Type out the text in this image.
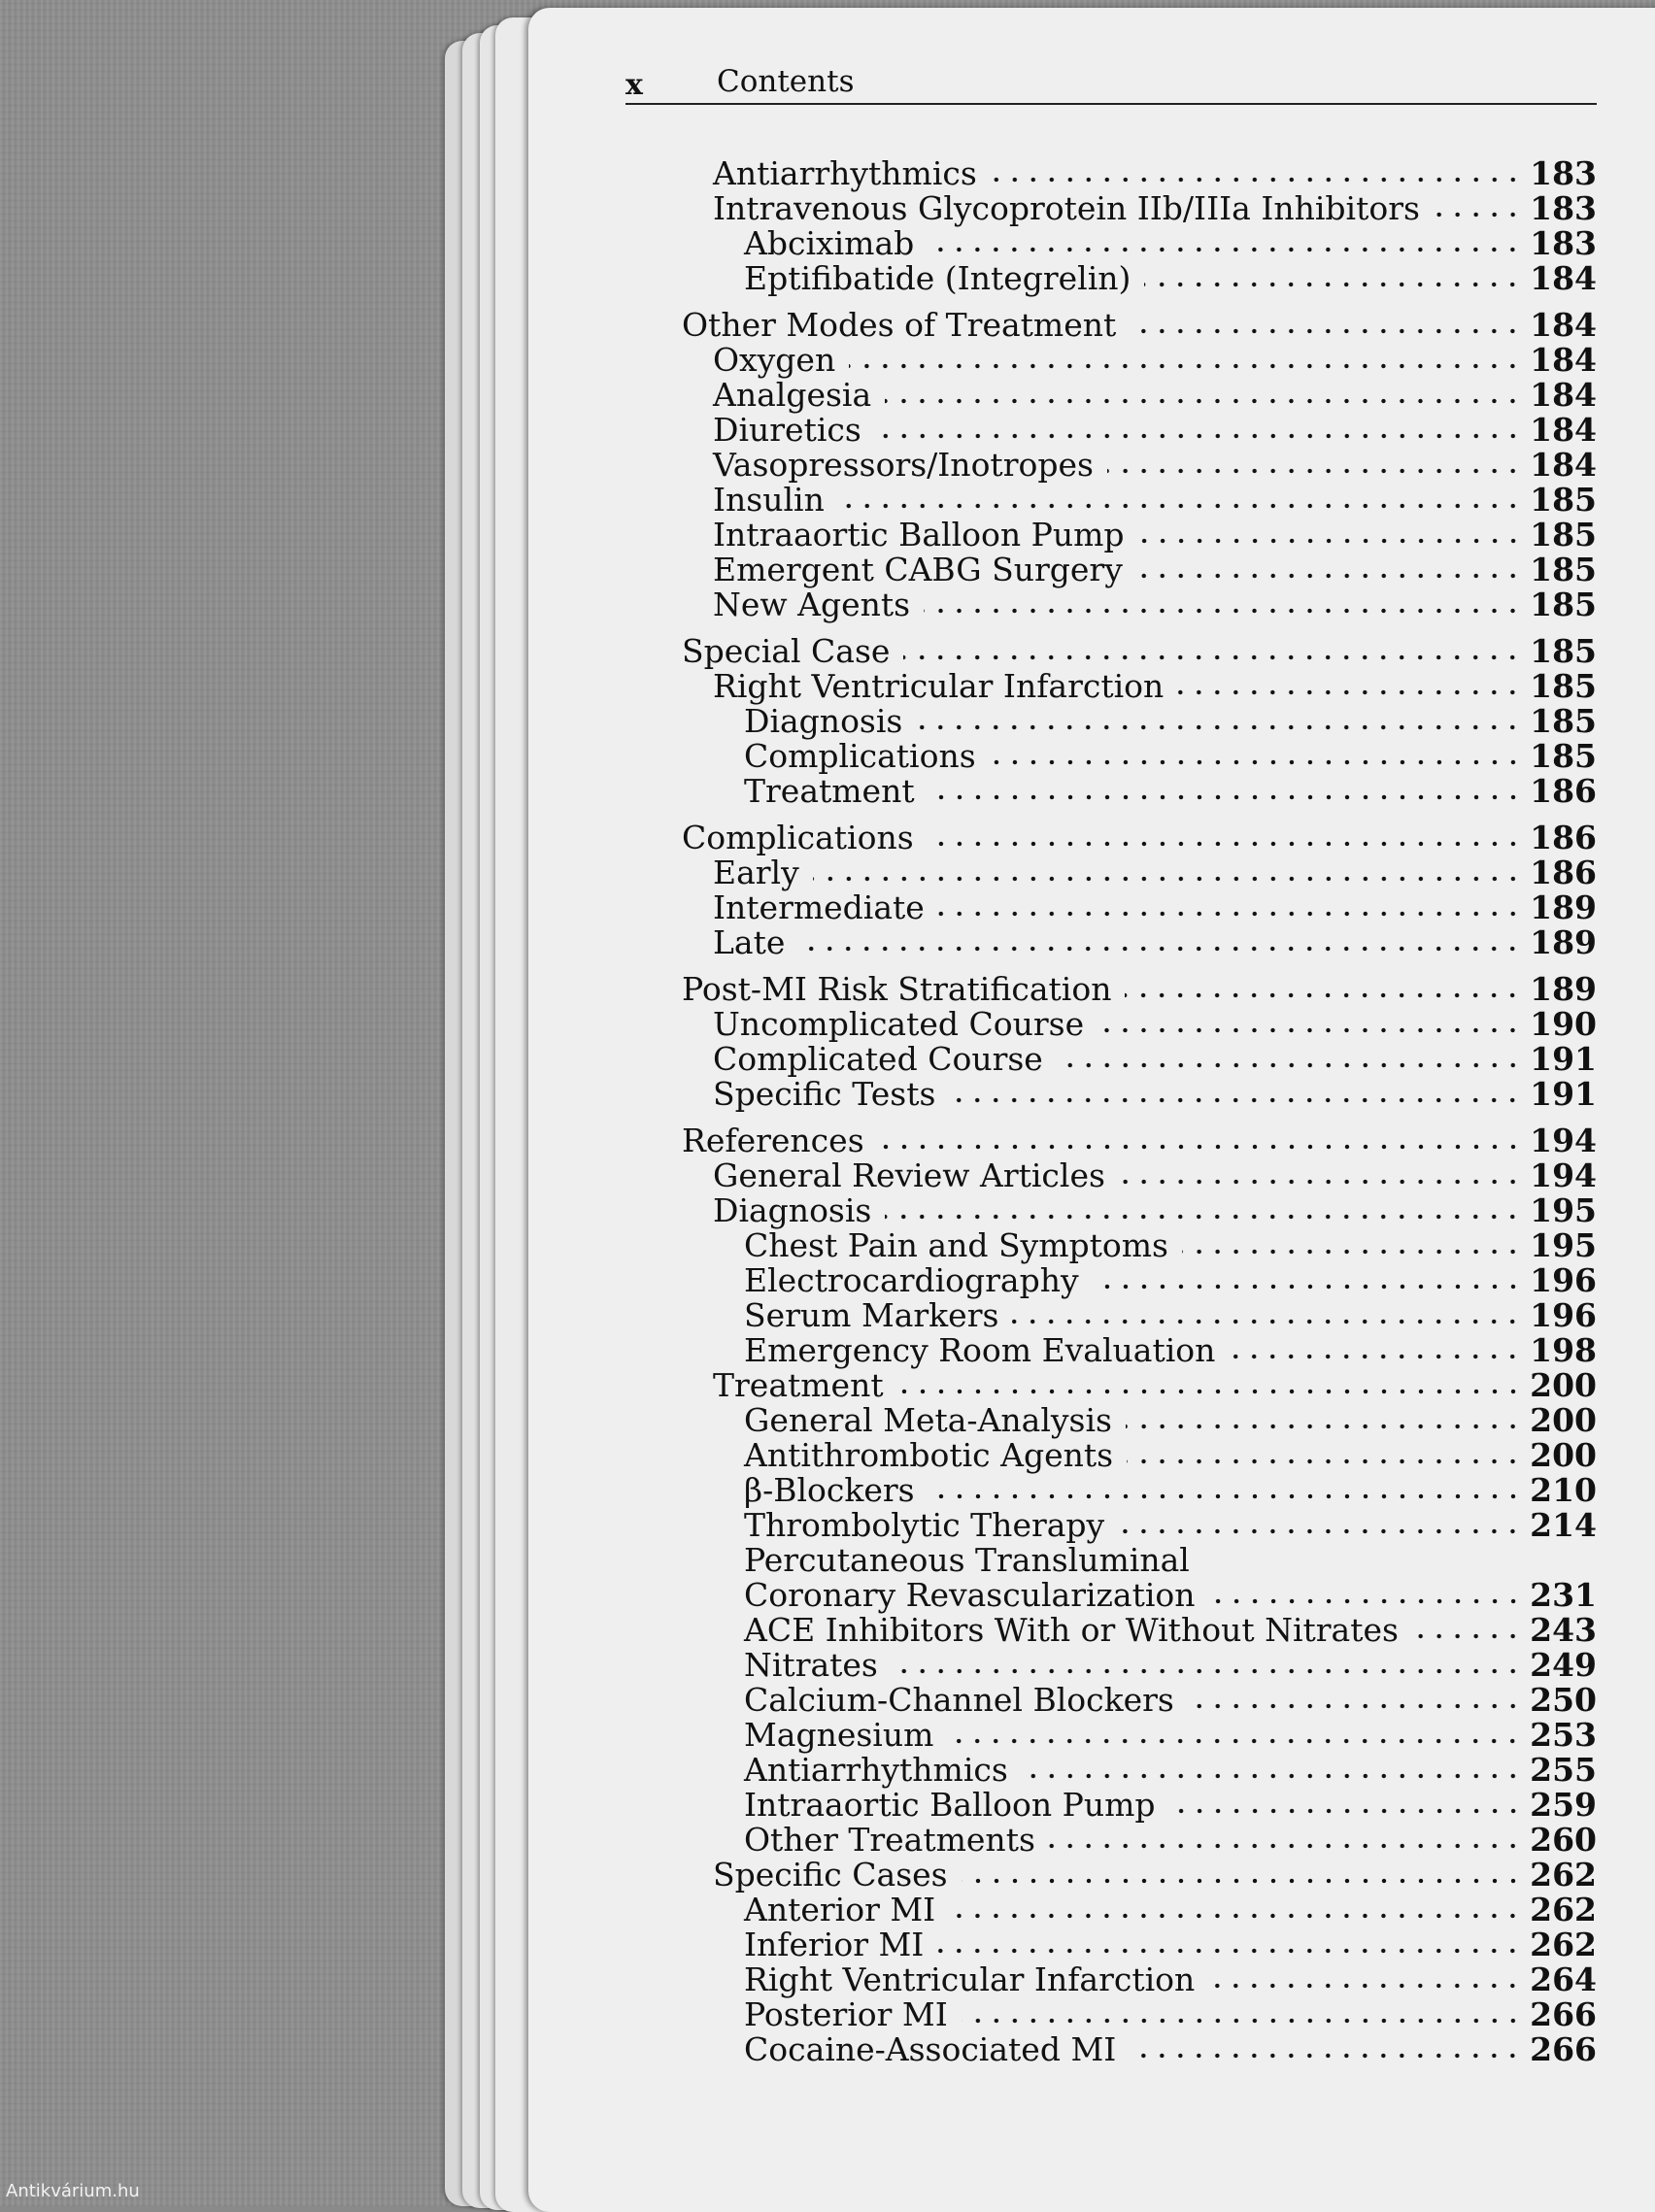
x Contents
Antiarrhythmics	183
Intravenous Glycoprotein IIb/IIIa Inhibitors	183
Abciximab	183
Eptifibatide (Integrelin)	184
Other Modes of Treatment	184
Oxygen	184
Analgesia	184
Diuretics	184
Vasopressors/Inotropes	184
Insulin	185
Intraaortic Balloon Pump	185
Emergent CABG Surgery	185
New Agents	185
Special Case	185
Right Ventricular Infarction	185
Diagnosis	185
Complications	185
Treatment	186
Complications	186
Early	186
Intermediate	189
Late	189
Post-MI Risk Stratification	189
Uncomplicated Course	190
Complicated Course	191
Specific Tests	191
References	194
General Review Articles	194
Diagnosis	195
Chest Pain and Symptoms	195
Electrocardiography	196
Serum Markers	196
Emergency Room Evaluation	198
Treatment	200
General Meta-Analysis	200
Antithrombotic Agents	200
β-Blockers	210
Thrombolytic Therapy	214
Percutaneous Transluminal
Coronary Revascularization	231
ACE Inhibitors With or Without Nitrates	243
Nitrates	249
Calcium-Channel Blockers	250
Magnesium	253
Antiarrhythmics	255
Intraaortic Balloon Pump	259
Other Treatments	260
Specific Cases	262
Anterior MI	262
Inferior MI	262
Right Ventricular Infarction	264
Posterior MI	266
Cocaine-Associated MI	266
Antikvárium.hu
